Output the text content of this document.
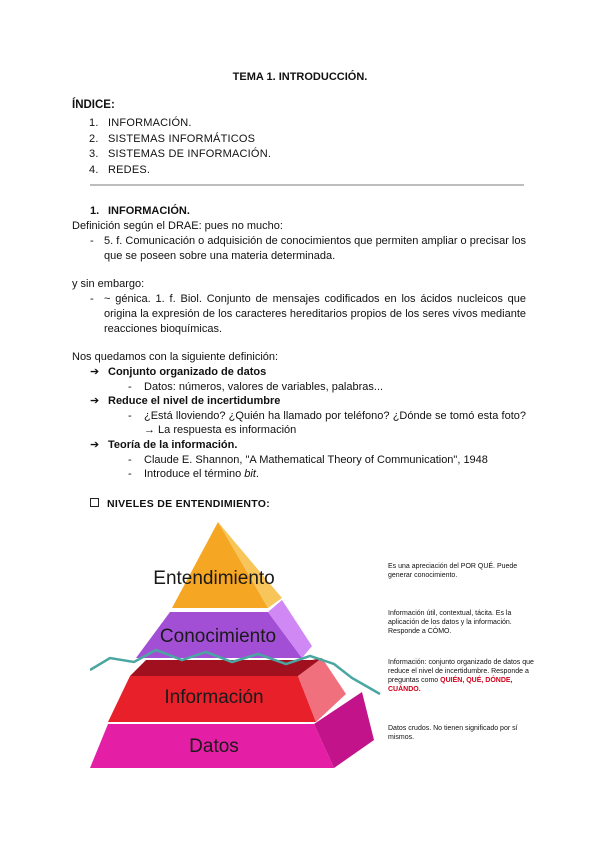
TEMA 1. INTRODUCCIÓN.
ÍNDICE:
1. INFORMACIÓN.
2. SISTEMAS INFORMÁTICOS
3. SISTEMAS DE INFORMACIÓN.
4. REDES.
1. INFORMACIÓN.
Definición según el DRAE: pues no mucho:
- 5. f. Comunicación o adquisición de conocimientos que permiten ampliar o precisar los que se poseen sobre una materia determinada.
y sin embargo:
- ~ génica. 1. f. Biol. Conjunto de mensajes codificados en los ácidos nucleicos que origina la expresión de los caracteres hereditarios propios de los seres vivos mediante reacciones bioquímicas.
Nos quedamos con la siguiente definición:
➔ Conjunto organizado de datos
- Datos: números, valores de variables, palabras...
➔ Reduce el nivel de incertidumbre
- ¿Está lloviendo? ¿Quién ha llamado por teléfono? ¿Dónde se tomó esta foto? → La respuesta es información
➔ Teoría de la información.
- Claude E. Shannon, "A Mathematical Theory of Communication", 1948
- Introduce el término bit.
NIVELES DE ENTENDIMIENTO:
Entendimiento
Conocimiento
Información
Datos
Es una apreciación del POR QUÉ. Puede generar conocimiento.
Información útil, contextual, tácita. Es la aplicación de los datos y la información. Responde a CÓMO.
Información: conjunto organizado de datos que reduce el nivel de incertidumbre. Responde a preguntas como QUIÉN, QUÉ, DÓNDE, CUÁNDO.
Datos crudos. No tienen significado por sí mismos.
